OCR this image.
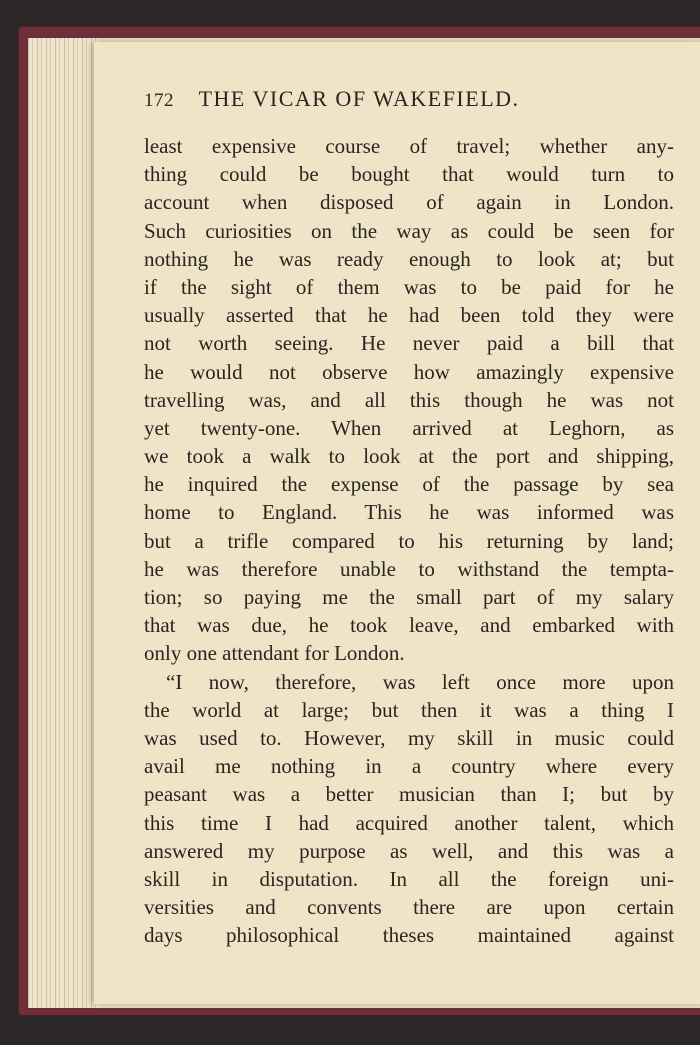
172 THE VICAR OF WAKEFIELD.
least expensive course of travel; whether any-
thing could be bought that would turn to
account when disposed of again in London.
Such curiosities on the way as could be seen for
nothing he was ready enough to look at; but
if the sight of them was to be paid for he
usually asserted that he had been told they were
not worth seeing. He never paid a bill that
he would not observe how amazingly expensive
travelling was, and all this though he was not
yet twenty-one. When arrived at Leghorn, as
we took a walk to look at the port and shipping,
he inquired the expense of the passage by sea
home to England. This he was informed was
but a trifle compared to his returning by land;
he was therefore unable to withstand the tempta-
tion; so paying me the small part of my salary
that was due, he took leave, and embarked with
only one attendant for London.
“I now, therefore, was left once more upon
the world at large; but then it was a thing I
was used to. However, my skill in music could
avail me nothing in a country where every
peasant was a better musician than I; but by
this time I had acquired another talent, which
answered my purpose as well, and this was a
skill in disputation. In all the foreign uni-
versities and convents there are upon certain
days philosophical theses maintained against
